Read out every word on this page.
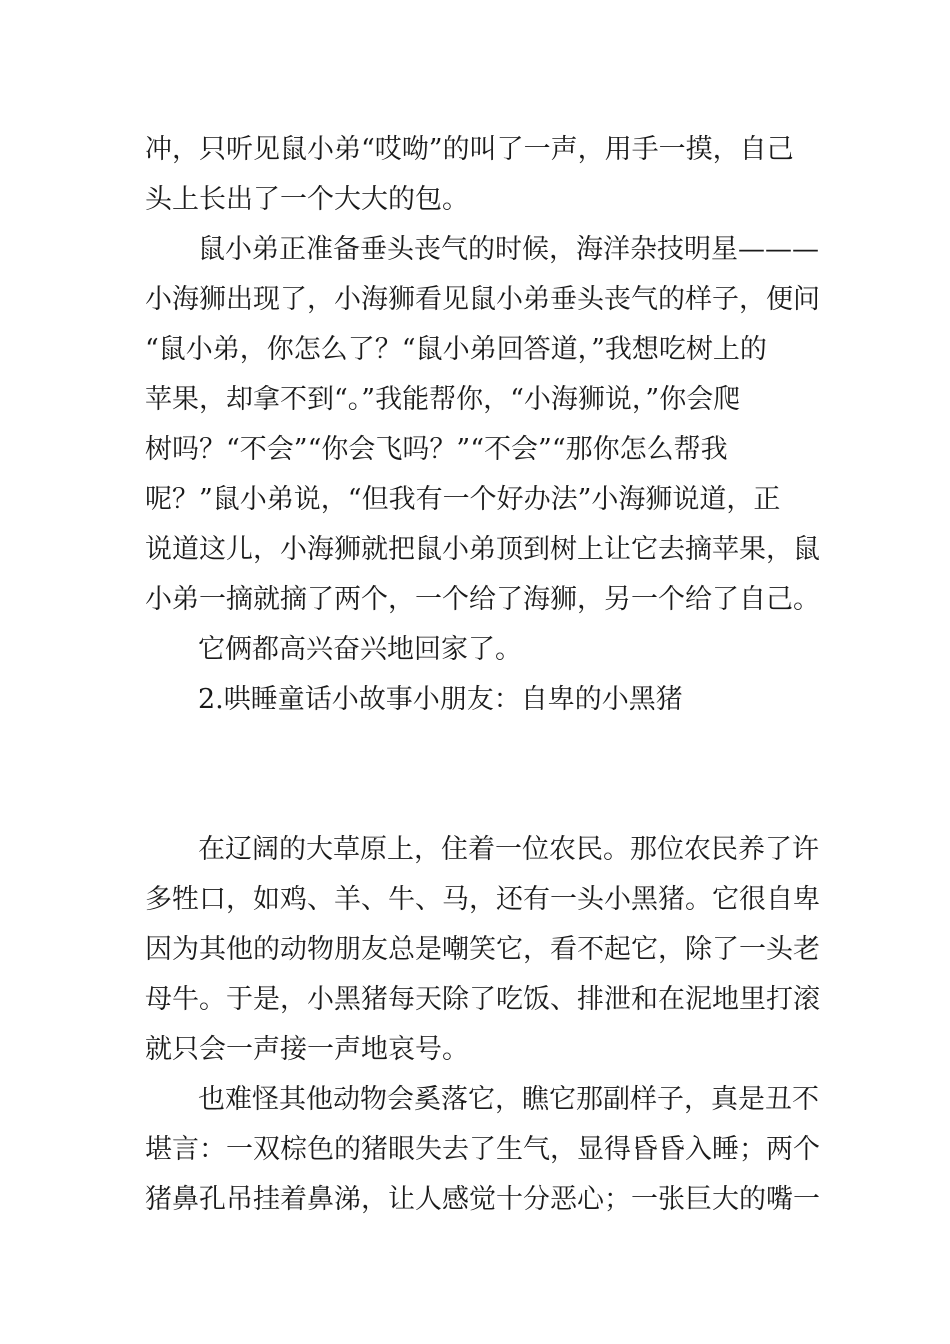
冲，只听见鼠小弟“哎呦”的叫了一声，用手一摸，自己
头上长出了一个大大的包。
鼠小弟正准备垂头丧气的时候，海洋杂技明星———
小海狮出现了，小海狮看见鼠小弟垂头丧气的样子，便问
“鼠小弟，你怎么了？“鼠小弟回答道，”我想吃树上的
苹果，却拿不到“。”我能帮你，“小海狮说，”你会爬
树吗？“不会”“你会飞吗？”“不会”“那你怎么帮我
呢？”鼠小弟说，“但我有一个好办法”小海狮说道，正
说道这儿，小海狮就把鼠小弟顶到树上让它去摘苹果，鼠
小弟一摘就摘了两个，一个给了海狮，另一个给了自己。
它俩都高兴奋兴地回家了。
2.哄睡童话小故事小朋友：自卑的小黑猪
在辽阔的大草原上，住着一位农民。那位农民养了许
多牲口，如鸡、羊、牛、马，还有一头小黑猪。它很自卑
因为其他的动物朋友总是嘲笑它，看不起它，除了一头老
母牛。于是，小黑猪每天除了吃饭、排泄和在泥地里打滚
就只会一声接一声地哀号。
也难怪其他动物会奚落它，瞧它那副样子，真是丑不
堪言：一双棕色的猪眼失去了生气，显得昏昏入睡；两个
猪鼻孔吊挂着鼻涕，让人感觉十分恶心；一张巨大的嘴一
